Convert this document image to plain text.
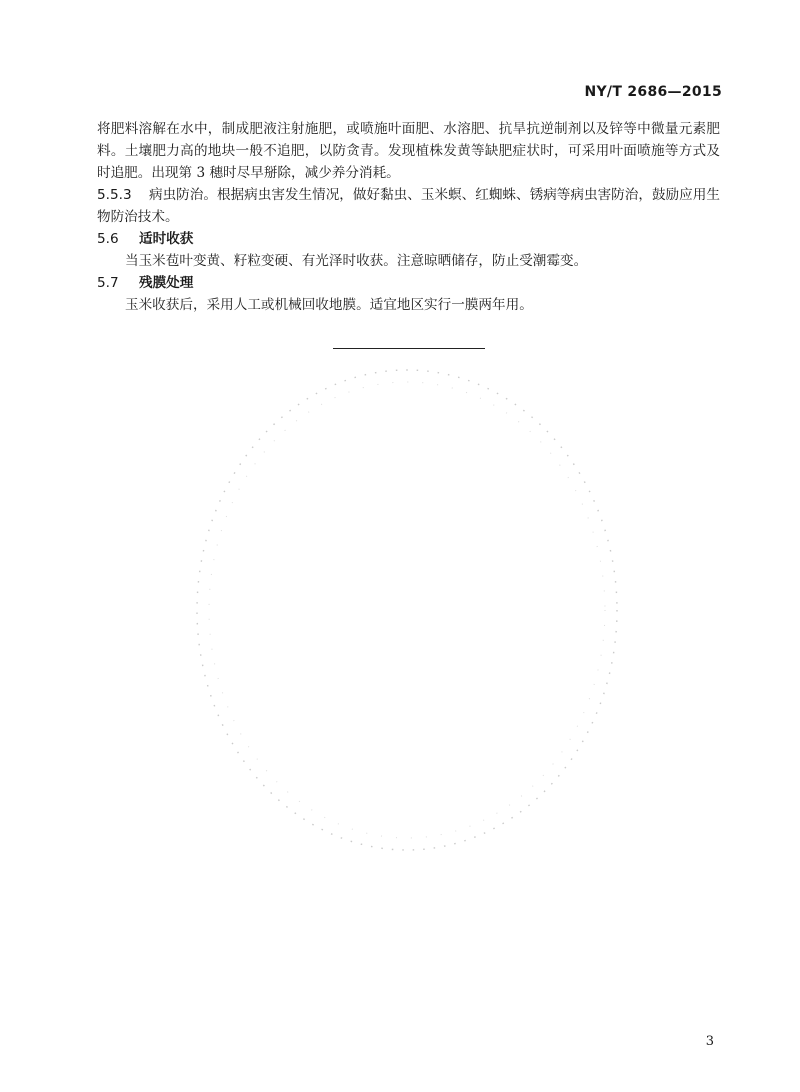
NY/T 2686—2015

将肥料溶解在水中，制成肥液注射施肥，或喷施叶面肥、水溶肥、抗旱抗逆制剂以及锌等中微量元素肥料。土壤肥力高的地块一般不追肥，以防贪青。发现植株发黄等缺肥症状时，可采用叶面喷施等方式及时追肥。出现第 3 穗时尽早掰除，减少养分消耗。

5.5.3 病虫防治。根据病虫害发生情况，做好黏虫、玉米螟、红蜘蛛、锈病等病虫害防治，鼓励应用生物防治技术。

5.6 适时收获

当玉米苞叶变黄、籽粒变硬、有光泽时收获。注意晾晒储存，防止受潮霉变。

5.7 残膜处理

玉米收获后，采用人工或机械回收地膜。适宜地区实行一膜两年用。

3
